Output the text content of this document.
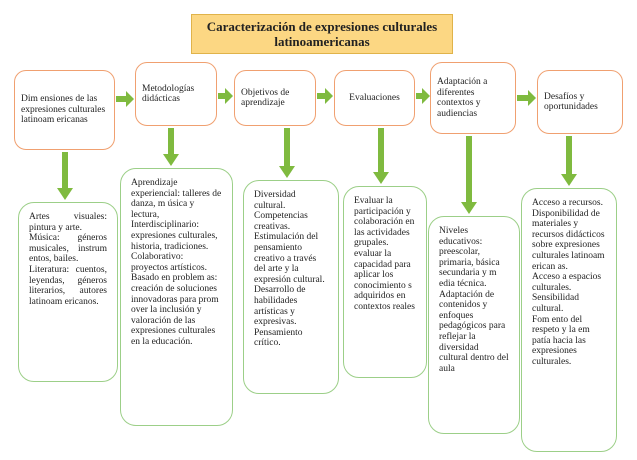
Caracterización de expresiones culturales latinoamericanas
Dim ensiones de las expresiones culturales latinoam ericanas
Metodologías didácticas
Objetivos de aprendizaje
Evaluaciones
Adaptación a diferentes contextos y audiencias
Desafíos y oportunidades
Artes visuales: pintura y arte.
Música: géneros musicales, instrum entos, bailes.
Literatura: cuentos, leyendas, géneros literarios, autores latinoam ericanos.
Aprendizaje experiencial: talleres de danza, m úsica y lectura,
Interdisciplinario: expresiones culturales, historia, tradiciones.
Colaborativo: proyectos artísticos.
Basado en problem as: creación de soluciones innovadoras para prom over la inclusión y valoración de las expresiones culturales en la educación.
Diversidad cultural.
Competencias creativas.
Estimulación del pensamiento creativo a través del arte y la expresión cultural.
Desarrollo de habilidades artísticas y expresivas.
Pensamiento crítico.
Evaluar la participación y colaboración en las actividades grupales.
evaluar la capacidad para aplicar los conocimiento s adquiridos en contextos reales
Niveles educativos: preescolar, primaria, básica secundaria y m edia técnica.
Adaptación de contenidos y enfoques pedagógicos para reflejar la diversidad cultural dentro del aula
Acceso a recursos.
Disponibilidad de materiales y recursos didácticos sobre expresiones culturales latinoam erican as.
Acceso a espacios culturales.
Sensibilidad cultural.
Fom ento del respeto y la em patía hacia las expresiones culturales.
